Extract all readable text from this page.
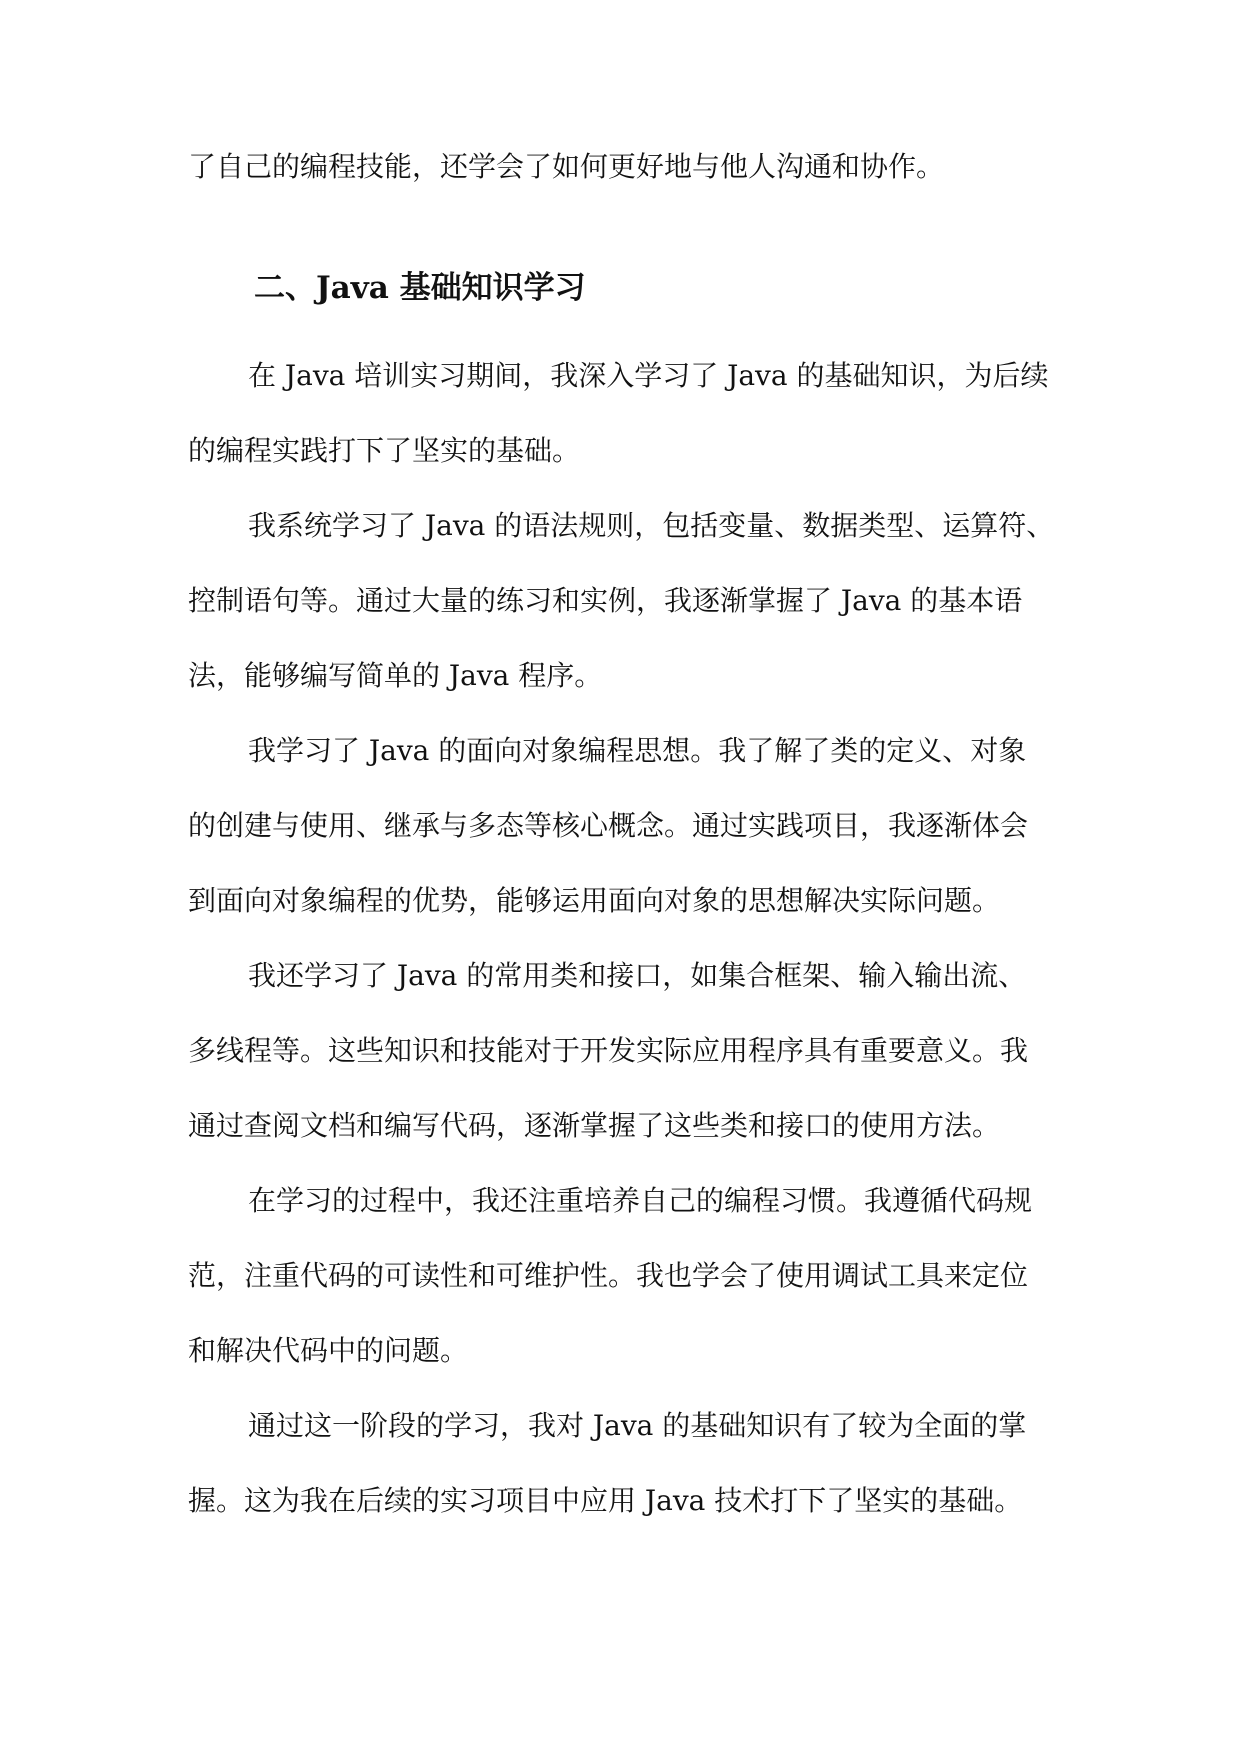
了自己的编程技能，还学会了如何更好地与他人沟通和协作。
二、Java 基础知识学习
在 Java 培训实习期间，我深入学习了 Java 的基础知识，为后续
的编程实践打下了坚实的基础。
我系统学习了 Java 的语法规则，包括变量、数据类型、运算符、
控制语句等。通过大量的练习和实例，我逐渐掌握了 Java 的基本语
法，能够编写简单的 Java 程序。
我学习了 Java 的面向对象编程思想。我了解了类的定义、对象
的创建与使用、继承与多态等核心概念。通过实践项目，我逐渐体会
到面向对象编程的优势，能够运用面向对象的思想解决实际问题。
我还学习了 Java 的常用类和接口，如集合框架、输入输出流、
多线程等。这些知识和技能对于开发实际应用程序具有重要意义。我
通过查阅文档和编写代码，逐渐掌握了这些类和接口的使用方法。
在学习的过程中，我还注重培养自己的编程习惯。我遵循代码规
范，注重代码的可读性和可维护性。我也学会了使用调试工具来定位
和解决代码中的问题。
通过这一阶段的学习，我对 Java 的基础知识有了较为全面的掌
握。这为我在后续的实习项目中应用 Java 技术打下了坚实的基础。
